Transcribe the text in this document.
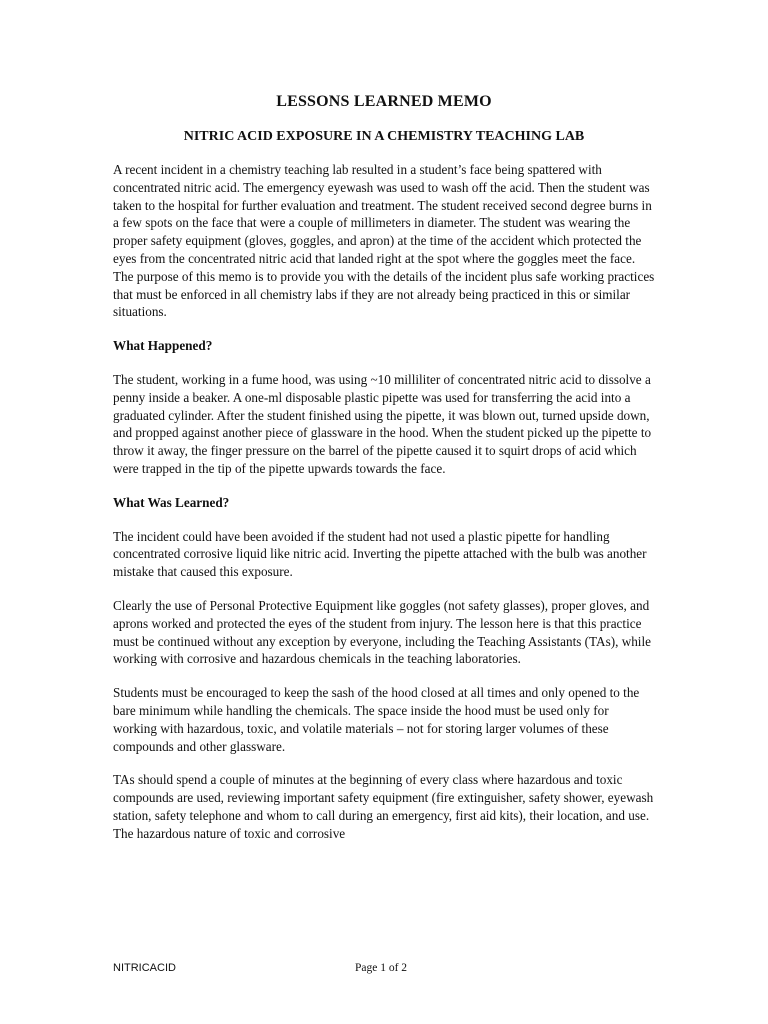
LESSONS LEARNED MEMO
NITRIC ACID EXPOSURE IN A CHEMISTRY TEACHING LAB

A recent incident in a chemistry teaching lab resulted in a student’s face being spattered with concentrated nitric acid. The emergency eyewash was used to wash off the acid. Then the student was taken to the hospital for further evaluation and treatment. The student received second degree burns in a few spots on the face that were a couple of millimeters in diameter. The student was wearing the proper safety equipment (gloves, goggles, and apron) at the time of the accident which protected the eyes from the concentrated nitric acid that landed right at the spot where the goggles meet the face. The purpose of this memo is to provide you with the details of the incident plus safe working practices that must be enforced in all chemistry labs if they are not already being practiced in this or similar situations.

What Happened?

The student, working in a fume hood, was using ~10 milliliter of concentrated nitric acid to dissolve a penny inside a beaker. A one-ml disposable plastic pipette was used for transferring the acid into a graduated cylinder. After the student finished using the pipette, it was blown out, turned upside down, and propped against another piece of glassware in the hood. When the student picked up the pipette to throw it away, the finger pressure on the barrel of the pipette caused it to squirt drops of acid which were trapped in the tip of the pipette upwards towards the face.

What Was Learned?

The incident could have been avoided if the student had not used a plastic pipette for handling concentrated corrosive liquid like nitric acid. Inverting the pipette attached with the bulb was another mistake that caused this exposure.

Clearly the use of Personal Protective Equipment like goggles (not safety glasses), proper gloves, and aprons worked and protected the eyes of the student from injury. The lesson here is that this practice must be continued without any exception by everyone, including the Teaching Assistants (TAs), while working with corrosive and hazardous chemicals in the teaching laboratories.

Students must be encouraged to keep the sash of the hood closed at all times and only opened to the bare minimum while handling the chemicals. The space inside the hood must be used only for working with hazardous, toxic, and volatile materials – not for storing larger volumes of these compounds and other glassware.

TAs should spend a couple of minutes at the beginning of every class where hazardous and toxic compounds are used, reviewing important safety equipment (fire extinguisher, safety shower, eyewash station, safety telephone and whom to call during an emergency, first aid kits), their location, and use. The hazardous nature of toxic and corrosive

NITRICACID	Page 1 of 2
